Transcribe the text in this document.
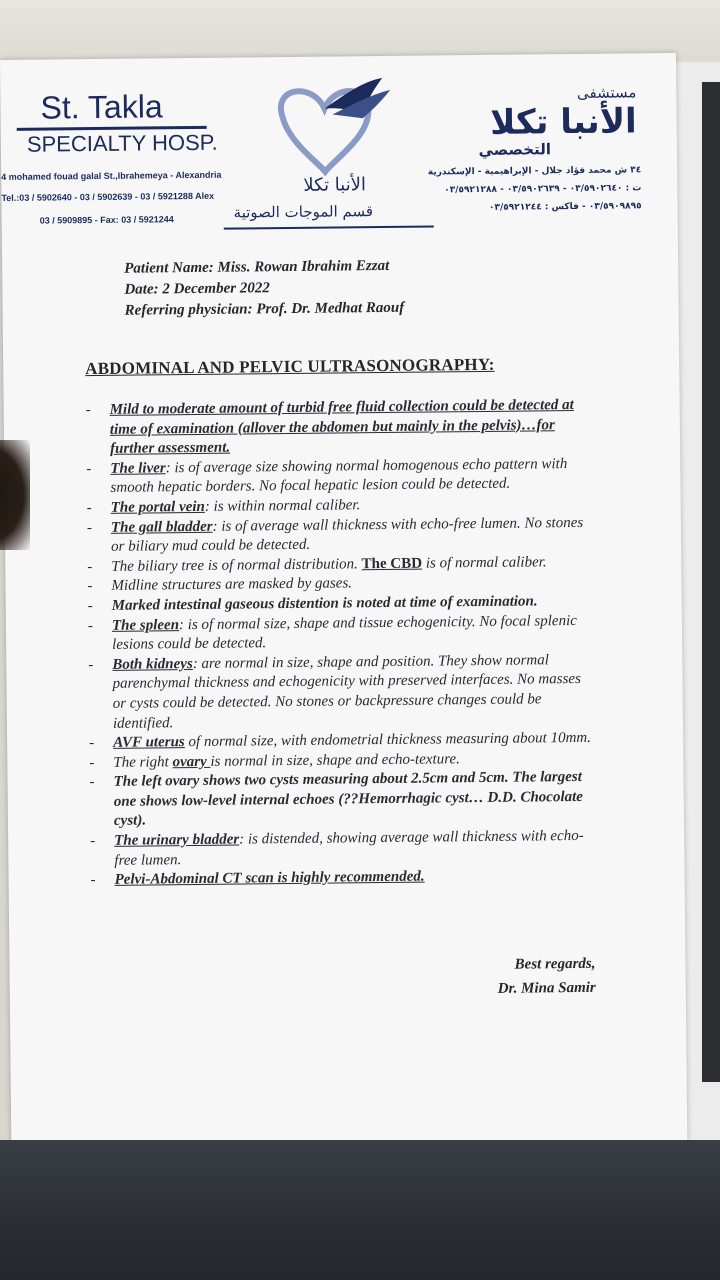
St. Takla
SPECIALTY HOSP.
4 mohamed fouad galal St.,Ibrahemeya - Alexandria
Tel.:03 / 5902640 - 03 / 5902639 - 03 / 5921288 Alex
03 / 5909895 - Fax: 03 / 5921244
الأنبا تكلا
قسم الموجات الصوتية
مستشفى
الأنبا تكلا
التخصصي
٣٤ ش محمد فؤاد جلال - الإبراهيمية - الإسكندرية
ت : ٠٣/٥٩٠٢٦٤٠ - ٠٣/٥٩٠٢٦٣٩ - ٠٣/٥٩٢١٢٨٨
٠٣/٥٩٠٩٨٩٥ - فاكس : ٠٣/٥٩٢١٢٤٤
Patient Name: Miss. Rowan Ibrahim Ezzat
Date: 2 December 2022
Referring physician: Prof. Dr. Medhat Raouf
ABDOMINAL AND PELVIC ULTRASONOGRAPHY:
- Mild to moderate amount of turbid free fluid collection could be detected at time of examination (allover the abdomen but mainly in the pelvis)…for further assessment.
- The liver: is of average size showing normal homogenous echo pattern with smooth hepatic borders. No focal hepatic lesion could be detected.
- The portal vein: is within normal caliber.
- The gall bladder: is of average wall thickness with echo-free lumen. No stones or biliary mud could be detected.
- The biliary tree is of normal distribution. The CBD is of normal caliber.
- Midline structures are masked by gases.
- Marked intestinal gaseous distention is noted at time of examination.
- The spleen: is of normal size, shape and tissue echogenicity. No focal splenic lesions could be detected.
- Both kidneys: are normal in size, shape and position. They show normal parenchymal thickness and echogenicity with preserved interfaces. No masses or cysts could be detected. No stones or backpressure changes could be identified.
- AVF uterus of normal size, with endometrial thickness measuring about 10mm.
- The right ovary is normal in size, shape and echo-texture.
- The left ovary shows two cysts measuring about 2.5cm and 5cm. The largest one shows low-level internal echoes (??Hemorrhagic cyst… D.D. Chocolate cyst).
- The urinary bladder: is distended, showing average wall thickness with echo-free lumen.
- Pelvi-Abdominal CT scan is highly recommended.
Best regards,
Dr. Mina Samir
